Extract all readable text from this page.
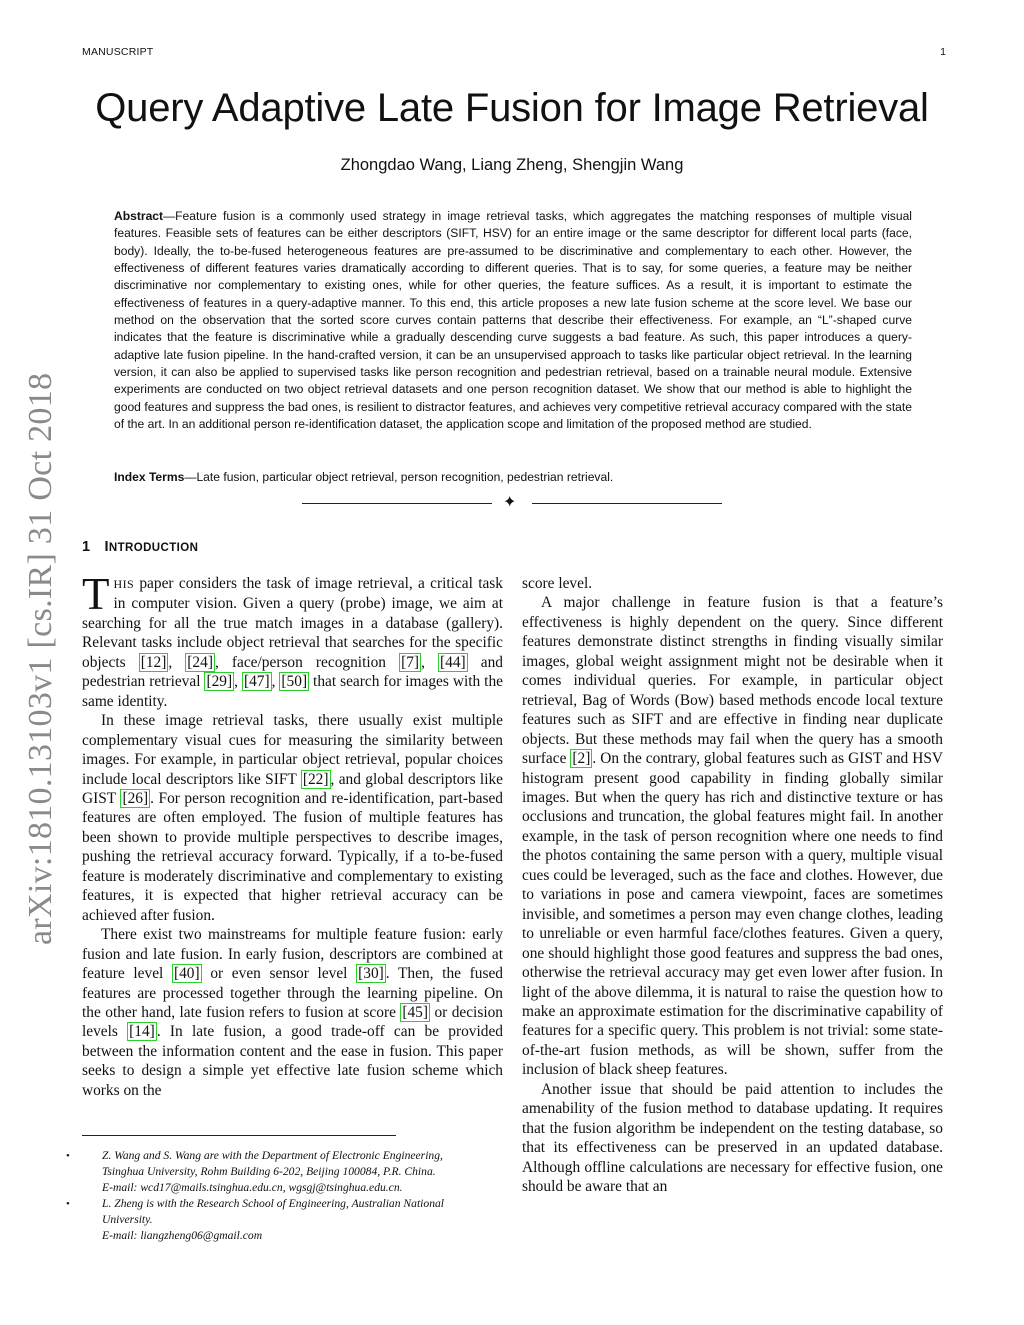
MANUSCRIPT	1
arXiv:1810.13103v1 [cs.IR] 31 Oct 2018
Query Adaptive Late Fusion for Image Retrieval
Zhongdao Wang, Liang Zheng, Shengjin Wang

Abstract—Feature fusion is a commonly used strategy in image retrieval tasks, which aggregates the matching responses of multiple visual features. Feasible sets of features can be either descriptors (SIFT, HSV) for an entire image or the same descriptor for different local parts (face, body). Ideally, the to-be-fused heterogeneous features are pre-assumed to be discriminative and complementary to each other. However, the effectiveness of different features varies dramatically according to different queries. That is to say, for some queries, a feature may be neither discriminative nor complementary to existing ones, while for other queries, the feature suffices. As a result, it is important to estimate the effectiveness of features in a query-adaptive manner. To this end, this article proposes a new late fusion scheme at the score level. We base our method on the observation that the sorted score curves contain patterns that describe their effectiveness. For example, an “L”-shaped curve indicates that the feature is discriminative while a gradually descending curve suggests a bad feature. As such, this paper introduces a query-adaptive late fusion pipeline. In the hand-crafted version, it can be an unsupervised approach to tasks like particular object retrieval. In the learning version, it can also be applied to supervised tasks like person recognition and pedestrian retrieval, based on a trainable neural module. Extensive experiments are conducted on two object retrieval datasets and one person recognition dataset. We show that our method is able to highlight the good features and suppress the bad ones, is resilient to distractor features, and achieves very competitive retrieval accuracy compared with the state of the art. In an additional person re-identification dataset, the application scope and limitation of the proposed method are studied.

Index Terms—Late fusion, particular object retrieval, person recognition, pedestrian retrieval.

✦
1 INTRODUCTION

THIS paper considers the task of image retrieval, a critical task in computer vision. Given a query (probe) image, we aim at searching for all the true match images in a database (gallery). Relevant tasks include object retrieval that searches for the specific objects [12] , [24] , face/person recognition [7] , [44] and pedestrian retrieval [29] , [47] , [50] that search for images with the same identity.

In these image retrieval tasks, there usually exist multiple complementary visual cues for measuring the similarity between images. For example, in particular object retrieval, popular choices include local descriptors like SIFT [22] , and global descriptors like GIST [26] . For person recognition and re-identification, part-based features are often employed. The fusion of multiple features has been shown to provide multiple perspectives to describe images, pushing the retrieval accuracy forward. Typically, if a to-be-fused feature is moderately discriminative and complementary to existing features, it is expected that higher retrieval accuracy can be achieved after fusion.

There exist two mainstreams for multiple feature fusion: early fusion and late fusion. In early fusion, descriptors are combined at feature level [40] or even sensor level [30] . Then, the fused features are processed together through the learning pipeline. On the other hand, late fusion refers to fusion at score [45] or decision levels [14] . In late fusion, a good trade-off can be provided between the information content and the ease in fusion. This paper seeks to design a simple yet effective late fusion scheme which works on the

score level.

A major challenge in feature fusion is that a feature’s effectiveness is highly dependent on the query. Since different features demonstrate distinct strengths in finding visually similar images, global weight assignment might not be desirable when it comes individual queries. For example, in particular object retrieval, Bag of Words (Bow) based methods encode local texture features such as SIFT and are effective in finding near duplicate objects. But these methods may fail when the query has a smooth surface [2] . On the contrary, global features such as GIST and HSV histogram present good capability in finding globally similar images. But when the query has rich and distinctive texture or has occlusions and truncation, the global features might fail. In another example, in the task of person recognition where one needs to find the photos containing the same person with a query, multiple visual cues could be leveraged, such as the face and clothes. However, due to variations in pose and camera viewpoint, faces are sometimes invisible, and sometimes a person may even change clothes, leading to unreliable or even harmful face/clothes features. Given a query, one should highlight those good features and suppress the bad ones, otherwise the retrieval accuracy may get even lower after fusion. In light of the above dilemma, it is natural to raise the question how to make an approximate estimation for the discriminative capability of features for a specific query. This problem is not trivial: some state-of-the-art fusion methods, as will be shown, suffer from the inclusion of black sheep features.

Another issue that should be paid attention to includes the amenability of the fusion method to database updating. It requires that the fusion algorithm be independent on the testing database, so that its effectiveness can be preserved in an updated database. Although offline calculations are necessary for effective fusion, one should be aware that an

•	Z. Wang and S. Wang are with the Department of Electronic Engineering,
Tsinghua University, Rohm Building 6-202, Beijing 100084, P.R. China.
E-mail: wcd17@mails.tsinghua.edu.cn, wgsgj@tsinghua.edu.cn.
•	L. Zheng is with the Research School of Engineering, Australian National
University.
E-mail: liangzheng06@gmail.com
